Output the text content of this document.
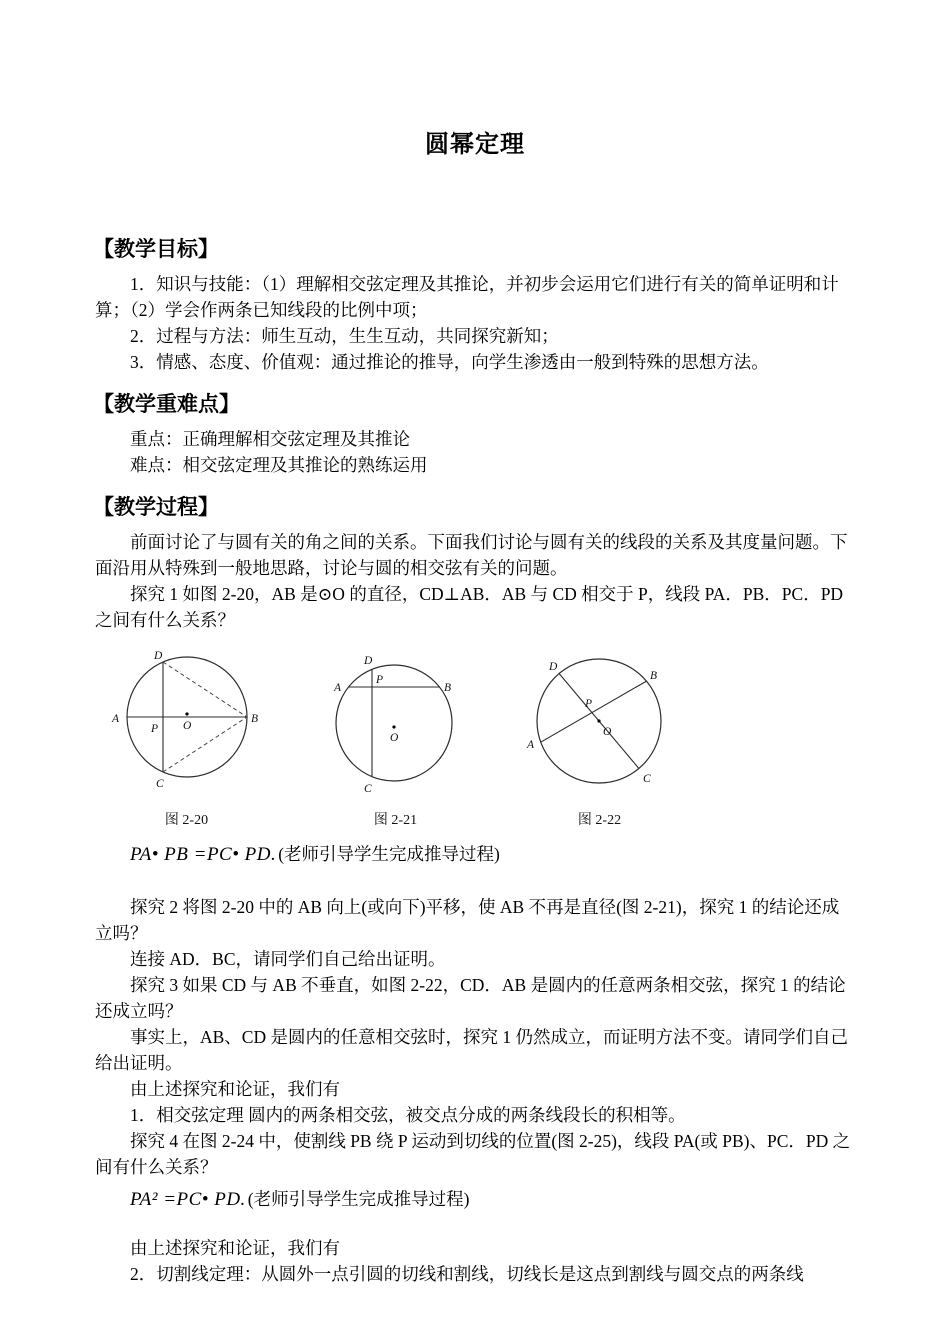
圆幂定理
【教学目标】

1．知识与技能：（1）理解相交弦定理及其推论，并初步会运用它们进行有关的简单证明和计算；（2）学会作两条已知线段的比例中项；

2．过程与方法：师生互动，生生互动，共同探究新知；

3．情感、态度、价值观：通过推论的推导，向学生渗透由一般到特殊的思想方法。

【教学重难点】

重点：正确理解相交弦定理及其推论

难点：相交弦定理及其推论的熟练运用

【教学过程】

前面讨论了与圆有关的角之间的关系。下面我们讨论与圆有关的线段的关系及其度量问题。下面沿用从特殊到一般地思路，讨论与圆的相交弦有关的问题。

探究 1 如图 2-20，AB 是⊙O 的直径，CD⊥AB．AB 与 CD 相交于 P，线段 PA．PB．PC．PD 之间有什么关系？

D
A
P O
B
C
图 2-20
D
A
P
B
O
C
图 2-21
D
B
A
P
O
C
图 2-22

PA• PB =PC• PD. (老师引导学生完成推导过程)

探究 2 将图 2-20 中的 AB 向上(或向下)平移，使 AB 不再是直径(图 2-21)，探究 1 的结论还成立吗？

连接 AD．BC，请同学们自己给出证明。

探究 3 如果 CD 与 AB 不垂直，如图 2-22，CD．AB 是圆内的任意两条相交弦，探究 1 的结论还成立吗？

事实上，AB、CD 是圆内的任意相交弦时，探究 1 仍然成立，而证明方法不变。请同学们自己给出证明。

由上述探究和论证，我们有

1．相交弦定理 圆内的两条相交弦，被交点分成的两条线段长的积相等。

探究 4 在图 2-24 中，使割线 PB 绕 P 运动到切线的位置(图 2-25)，线段 PA(或 PB)、PC．PD 之间有什么关系？

PA² =PC• PD. (老师引导学生完成推导过程)

由上述探究和论证，我们有

2．切割线定理：从圆外一点引圆的切线和割线，切线长是这点到割线与圆交点的两条线
